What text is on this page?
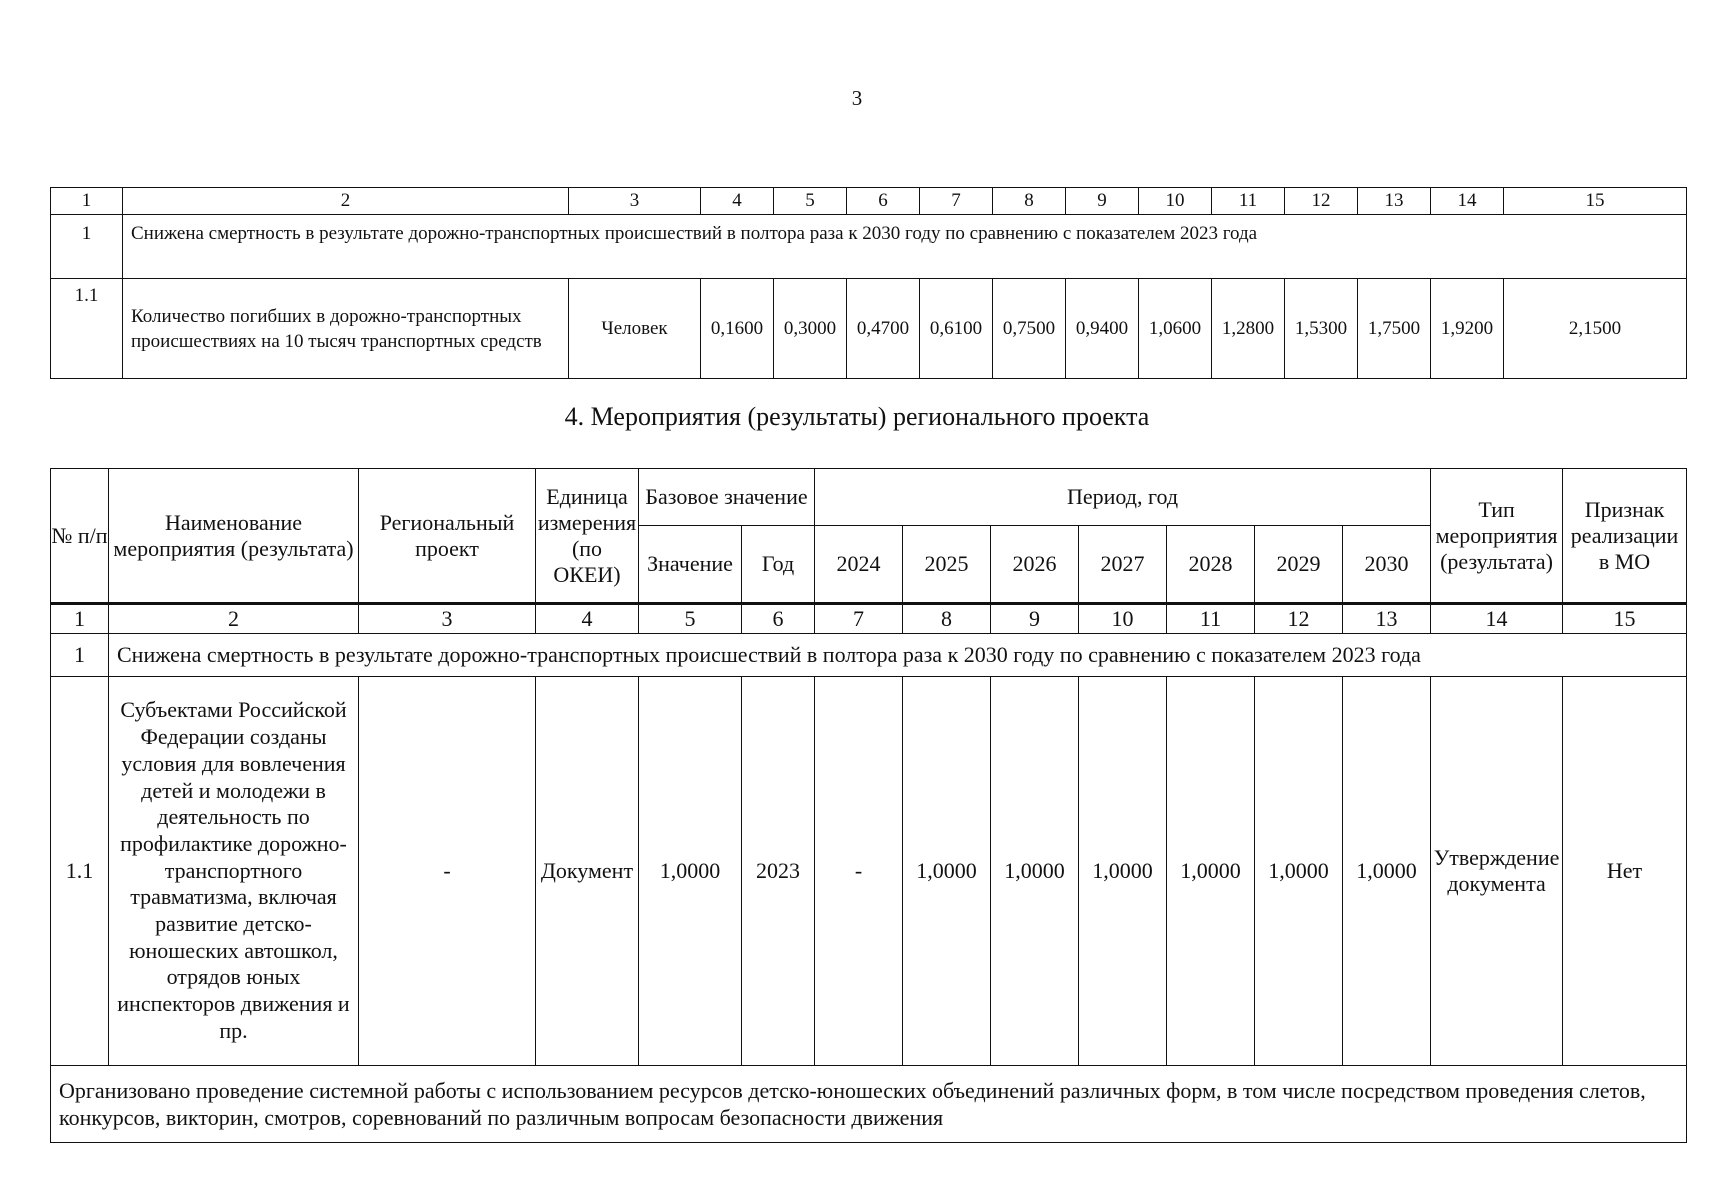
3
1	2	3	4	5	6	7	8	9	10	11	12	13	14	15
1	Снижена смертность в результате дорожно-транспортных происшествий в полтора раза к 2030 году по сравнению с показателем 2023 года													
1.1	Количество погибших в дорожно-транспортных происшествиях на 10 тысяч транспортных средств	Человек	0,1600	0,3000	0,4700	0,6100	0,7500	0,9400	1,0600	1,2800	1,5300	1,7500	1,9200	2,1500
4. Мероприятия (результаты) регионального проекта
№ п/п	Наименование мероприятия (результата)	Региональный проект	Единица измерения (по ОКЕИ)	Базовое значение		Период, год							Тип мероприятия (результата)	Признак реализации в МО
				Значение	Год	2024	2025	2026	2027	2028	2029	2030		
1	2	3	4	5	6	7	8	9	10	11	12	13	14	15
1	Снижена смертность в результате дорожно-транспортных происшествий в полтора раза к 2030 году по сравнению с показателем 2023 года													
1.1	Субъектами Российской Федерации созданы условия для вовлечения детей и молодежи в деятельность по профилактике дорожно-транспортного травматизма, включая развитие детско-юношеских автошкол, отрядов юных инспекторов движения и пр.	-	Документ	1,0000	2023	-	1,0000	1,0000	1,0000	1,0000	1,0000	1,0000	Утверждение документа	Нет
Организовано проведение системной работы с использованием ресурсов детско-юношеских объединений различных форм, в том числе посредством проведения слетов, конкурсов, викторин, смотров, соревнований по различным вопросам безопасности движения														
